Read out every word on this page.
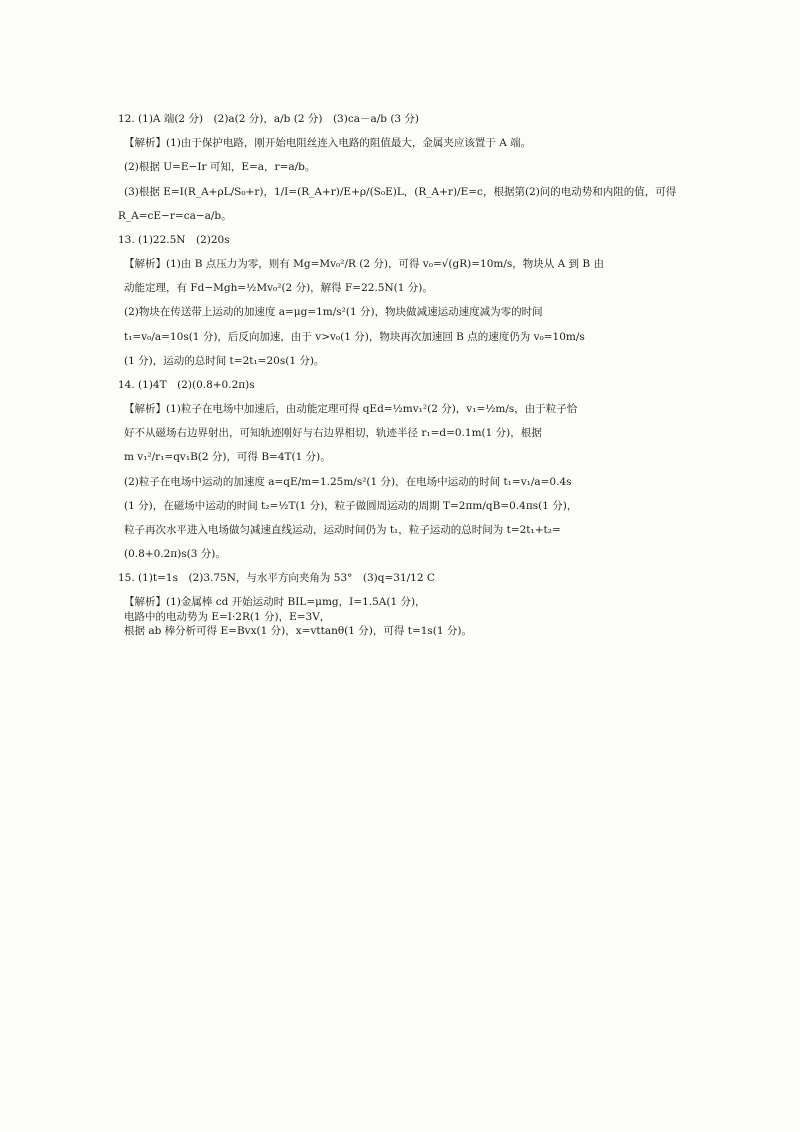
12. (1)A 端(2 分)　(2)a(2 分)，a/b (2 分)　(3)ca－a/b (3 分)
【解析】(1)由于保护电路，刚开始电阻丝连入电路的阻值最大，金属夹应该置于 A 端。
(2)根据 U=E−Ir 可知，E=a，r=a/b。
(3)根据 E=I(R_A+ρL/S₀+r)，1/I=(R_A+r)/E+ρ/(S₀E)L，(R_A+r)/E=c，根据第(2)问的电动势和内阻的值，可得
R_A=cE−r=ca−a/b。
13. (1)22.5N　(2)20s
【解析】(1)由 B 点压力为零，则有 Mg=Mv₀²/R (2 分)，可得 v₀=√(gR)=10m/s，物块从 A 到 B 由
动能定理，有 Fd−Mgh=½Mv₀²(2 分)，解得 F=22.5N(1 分)。
(2)物块在传送带上运动的加速度 a=μg=1m/s²(1 分)，物块做减速运动速度减为零的时间
t₁=v₀/a=10s(1 分)，后反向加速，由于 v>v₀(1 分)，物块再次加速回 B 点的速度仍为 v₀=10m/s
(1 分)，运动的总时间 t=2t₁=20s(1 分)。
14. (1)4T　(2)(0.8+0.2π)s
【解析】(1)粒子在电场中加速后，由动能定理可得 qEd=½mv₁²(2 分)，v₁=½m/s，由于粒子恰
好不从磁场右边界射出，可知轨迹刚好与右边界相切，轨迹半径 r₁=d=0.1m(1 分)，根据
m v₁²/r₁=qv₁B(2 分)，可得 B=4T(1 分)。
(2)粒子在电场中运动的加速度 a=qE/m=1.25m/s²(1 分)，在电场中运动的时间 t₁=v₁/a=0.4s
(1 分)，在磁场中运动的时间 t₂=½T(1 分)，粒子做圆周运动的周期 T=2πm/qB=0.4πs(1 分)，
粒子再次水平进入电场做匀减速直线运动，运动时间仍为 t₁，粒子运动的总时间为 t=2t₁+t₂=
(0.8+0.2π)s(3 分)。
15. (1)t=1s　(2)3.75N，与水平方向夹角为 53°　(3)q=31/12 C
【解析】(1)金属棒 cd 开始运动时 BIL=μmg，I=1.5A(1 分)，
电路中的电动势为 E=I·2R(1 分)，E=3V，
根据 ab 棒分析可得 E=Bvx(1 分)，x=vttanθ(1 分)，可得 t=1s(1 分)。
